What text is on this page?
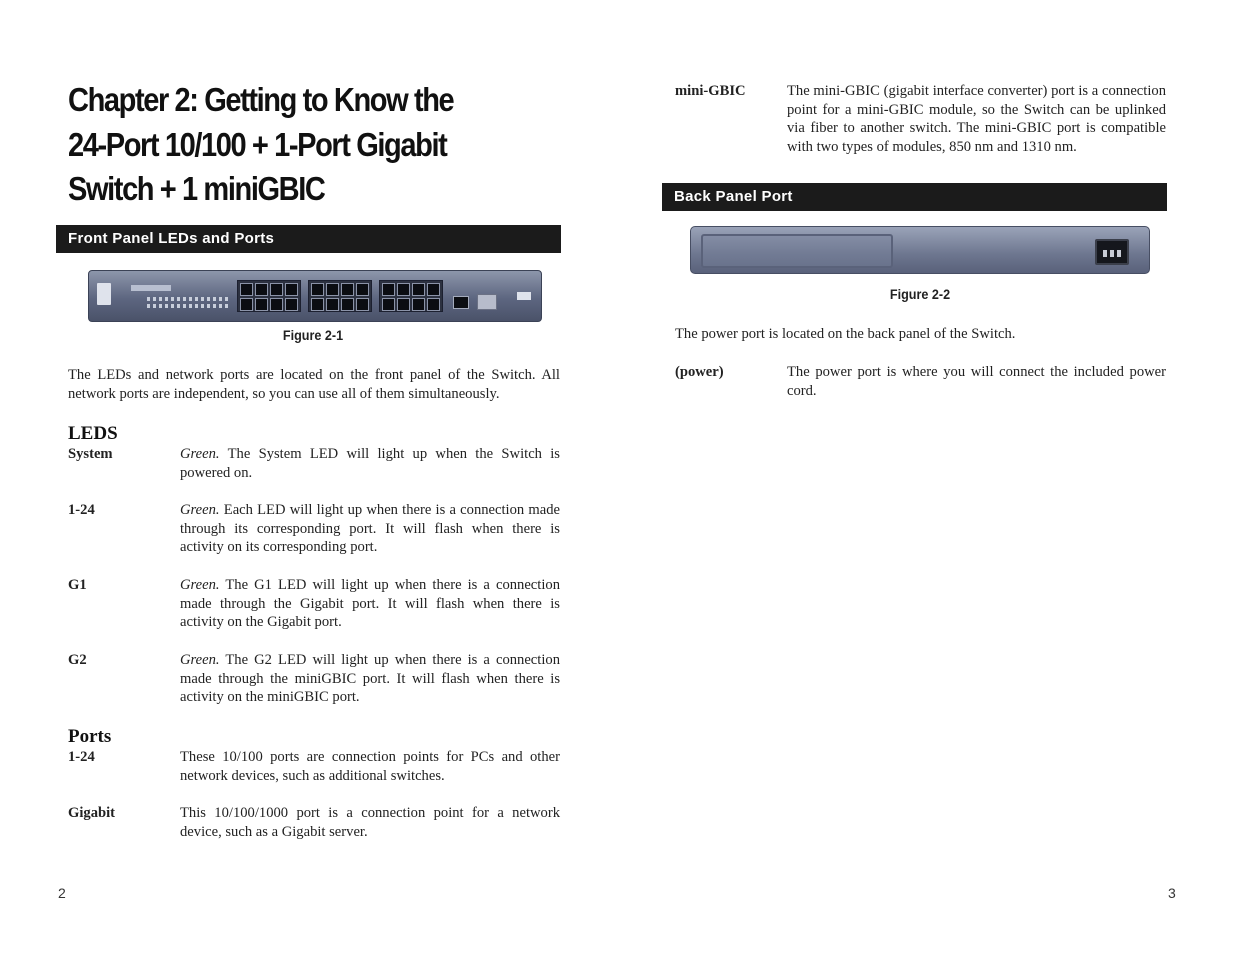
Chapter 2: Getting to Know the
24-Port 10/100 + 1-Port Gigabit
Switch + 1 miniGBIC
Front Panel LEDs and Ports
Figure 2-1
The LEDs and network ports are located on the front panel of the Switch. All network ports are independent, so you can use all of them simultaneously.
LEDS
System	Green. The System LED will light up when the Switch is powered on.
1-24	Green. Each LED will light up when there is a connection made through its corresponding port. It will flash when there is activity on its corresponding port.
G1	Green. The G1 LED will light up when there is a connection made through the Gigabit port. It will flash when there is activity on the Gigabit port.
G2	Green. The G2 LED will light up when there is a connection made through the miniGBIC port. It will flash when there is activity on the miniGBIC port.
Ports
1-24	These 10/100 ports are connection points for PCs and other network devices, such as additional switches.
Gigabit	This 10/100/1000 port is a connection point for a network device, such as a Gigabit server.
2
mini-GBIC	The mini-GBIC (gigabit interface converter) port is a connection point for a mini-GBIC module, so the Switch can be uplinked via fiber to another switch. The mini-GBIC port is compatible with two types of modules, 850 nm and 1310 nm.
Back Panel Port
Figure 2-2
The power port is located on the back panel of the Switch.
(power)	The power port is where you will connect the included power cord.
3
